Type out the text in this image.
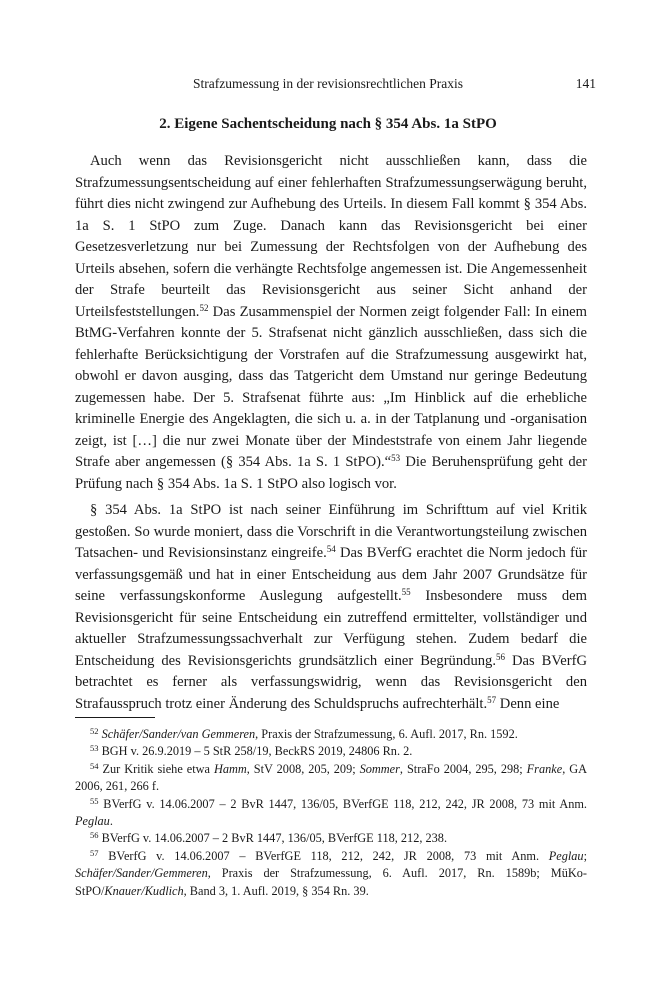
Strafzumessung in der revisionsrechtlichen Praxis	141
2. Eigene Sachentscheidung nach § 354 Abs. 1a StPO

Auch wenn das Revisionsgericht nicht ausschließen kann, dass die Strafzumessungsentscheidung auf einer fehlerhaften Strafzumessungserwägung beruht, führt dies nicht zwingend zur Aufhebung des Urteils. In diesem Fall kommt § 354 Abs. 1a S. 1 StPO zum Zuge. Danach kann das Revisionsgericht bei einer Gesetzesverletzung nur bei Zumessung der Rechtsfolgen von der Aufhebung des Urteils absehen, sofern die verhängte Rechtsfolge angemessen ist. Die Angemessenheit der Strafe beurteilt das Revisionsgericht aus seiner Sicht anhand der Urteilsfeststellungen.$^{52}$ Das Zusammenspiel der Normen zeigt folgender Fall: In einem BtMG-Verfahren konnte der 5. Strafsenat nicht gänzlich ausschließen, dass sich die fehlerhafte Berücksichtigung der Vorstrafen auf die Strafzumessung ausgewirkt hat, obwohl er davon ausging, dass das Tatgericht dem Umstand nur geringe Bedeutung zugemessen habe. Der 5. Strafsenat führte aus: „Im Hinblick auf die erhebliche kriminelle Energie des Angeklagten, die sich u. a. in der Tatplanung und -organisation zeigt, ist […] die nur zwei Monate über der Mindeststrafe von einem Jahr liegende Strafe aber angemessen (§ 354 Abs. 1a S. 1 StPO).“$^{53}$ Die Beruhensprüfung geht der Prüfung nach § 354 Abs. 1a S. 1 StPO also logisch vor.

§ 354 Abs. 1a StPO ist nach seiner Einführung im Schrifttum auf viel Kritik gestoßen. So wurde moniert, dass die Vorschrift in die Verantwortungsteilung zwischen Tatsachen- und Revisionsinstanz eingreife.$^{54}$ Das BVerfG erachtet die Norm jedoch für verfassungsgemäß und hat in einer Entscheidung aus dem Jahr 2007 Grundsätze für seine verfassungskonforme Auslegung aufgestellt.$^{55}$ Insbesondere muss dem Revisionsgericht für seine Entscheidung ein zutreffend ermittelter, vollständiger und aktueller Strafzumessungssachverhalt zur Verfügung stehen. Zudem bedarf die Entscheidung des Revisionsgerichts grundsätzlich einer Begründung.$^{56}$ Das BVerfG betrachtet es ferner als verfassungswidrig, wenn das Revisionsgericht den Strafausspruch trotz einer Änderung des Schuldspruchs aufrechterhält.$^{57}$ Denn eine

$^{52}$ Schäfer/Sander/van Gemmeren, Praxis der Strafzumessung, 6. Aufl. 2017, Rn. 1592.

$^{53}$ BGH v. 26.9.2019 – 5 StR 258/19, BeckRS 2019, 24806 Rn. 2.

$^{54}$ Zur Kritik siehe etwa Hamm, StV 2008, 205, 209; Sommer, StraFo 2004, 295, 298; Franke, GA 2006, 261, 266 f.

$^{55}$ BVerfG v. 14.06.2007 – 2 BvR 1447, 136/05, BVerfGE 118, 212, 242, JR 2008, 73 mit Anm. Peglau.

$^{56}$ BVerfG v. 14.06.2007 – 2 BvR 1447, 136/05, BVerfGE 118, 212, 238.

$^{57}$ BVerfG v. 14.06.2007 – BVerfGE 118, 212, 242, JR 2008, 73 mit Anm. Peglau; Schäfer/Sander/Gemmeren, Praxis der Strafzumessung, 6. Aufl. 2017, Rn. 1589b; MüKo-StPO/Knauer/Kudlich, Band 3, 1. Aufl. 2019, § 354 Rn. 39.
